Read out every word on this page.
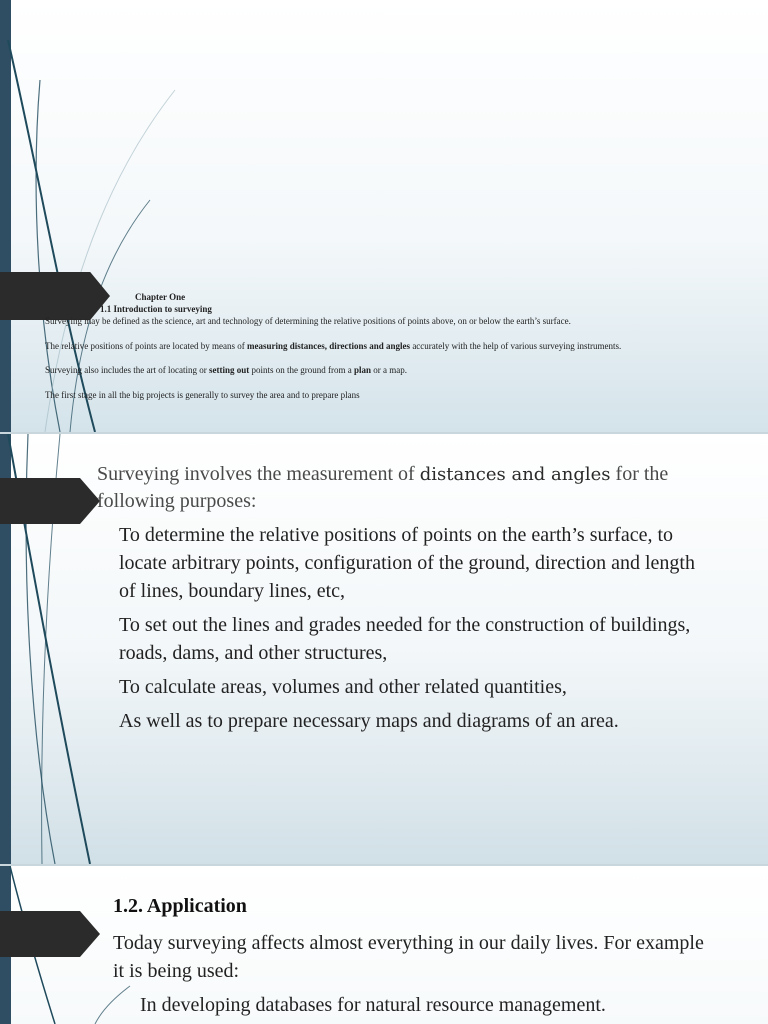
Chapter One
1.1 Introduction to surveying
Surveying may be defined as the science, art and technology of determining the relative positions of points above, on or below the earth’s surface.
The relative positions of points are located by means of measuring distances, directions and angles accurately with the help of various surveying instruments.
Surveying also includes the art of locating or setting out points on the ground from a plan or a map.
The first stage in all the big projects is generally to survey the area and to prepare plans
Surveying involves the measurement of distances and angles for the following purposes:
To determine the relative positions of points on the earth’s surface, to locate arbitrary points, configuration of the ground, direction and length of lines, boundary lines, etc,
To set out the lines and grades needed for the construction of buildings, roads, dams, and other structures,
To calculate areas, volumes and other related quantities,
As well as to prepare necessary maps and diagrams of an area.
1.2. Application
Today surveying affects almost everything in our daily lives. For example it is being used:
In developing databases for natural resource management.
